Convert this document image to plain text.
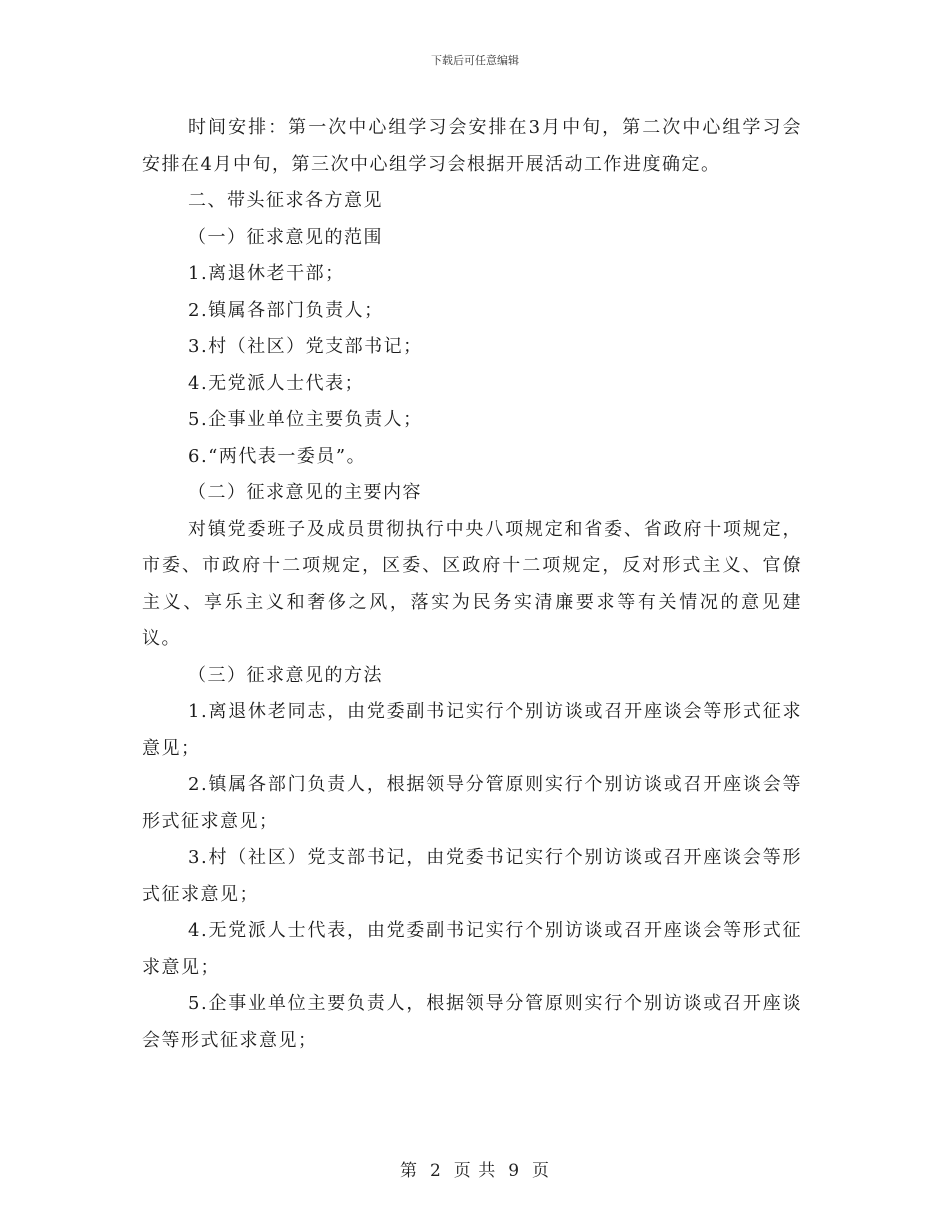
下载后可任意编辑

时间安排：第一次中心组学习会安排在3月中旬，第二次中心组学习会安排在4月中旬，第三次中心组学习会根据开展活动工作进度确定。

二、带头征求各方意见

（一）征求意见的范围

1.离退休老干部；

2.镇属各部门负责人；

3.村（社区）党支部书记；

4.无党派人士代表；

5.企事业单位主要负责人；

6.“两代表一委员”。

（二）征求意见的主要内容

对镇党委班子及成员贯彻执行中央八项规定和省委、省政府十项规定，市委、市政府十二项规定，区委、区政府十二项规定，反对形式主义、官僚主义、享乐主义和奢侈之风，落实为民务实清廉要求等有关情况的意见建议。

（三）征求意见的方法

1.离退休老同志，由党委副书记实行个别访谈或召开座谈会等形式征求意见；

2.镇属各部门负责人，根据领导分管原则实行个别访谈或召开座谈会等形式征求意见；

3.村（社区）党支部书记，由党委书记实行个别访谈或召开座谈会等形式征求意见；

4.无党派人士代表，由党委副书记实行个别访谈或召开座谈会等形式征求意见；

5.企事业单位主要负责人，根据领导分管原则实行个别访谈或召开座谈会等形式征求意见；

第 2 页 共 9 页
